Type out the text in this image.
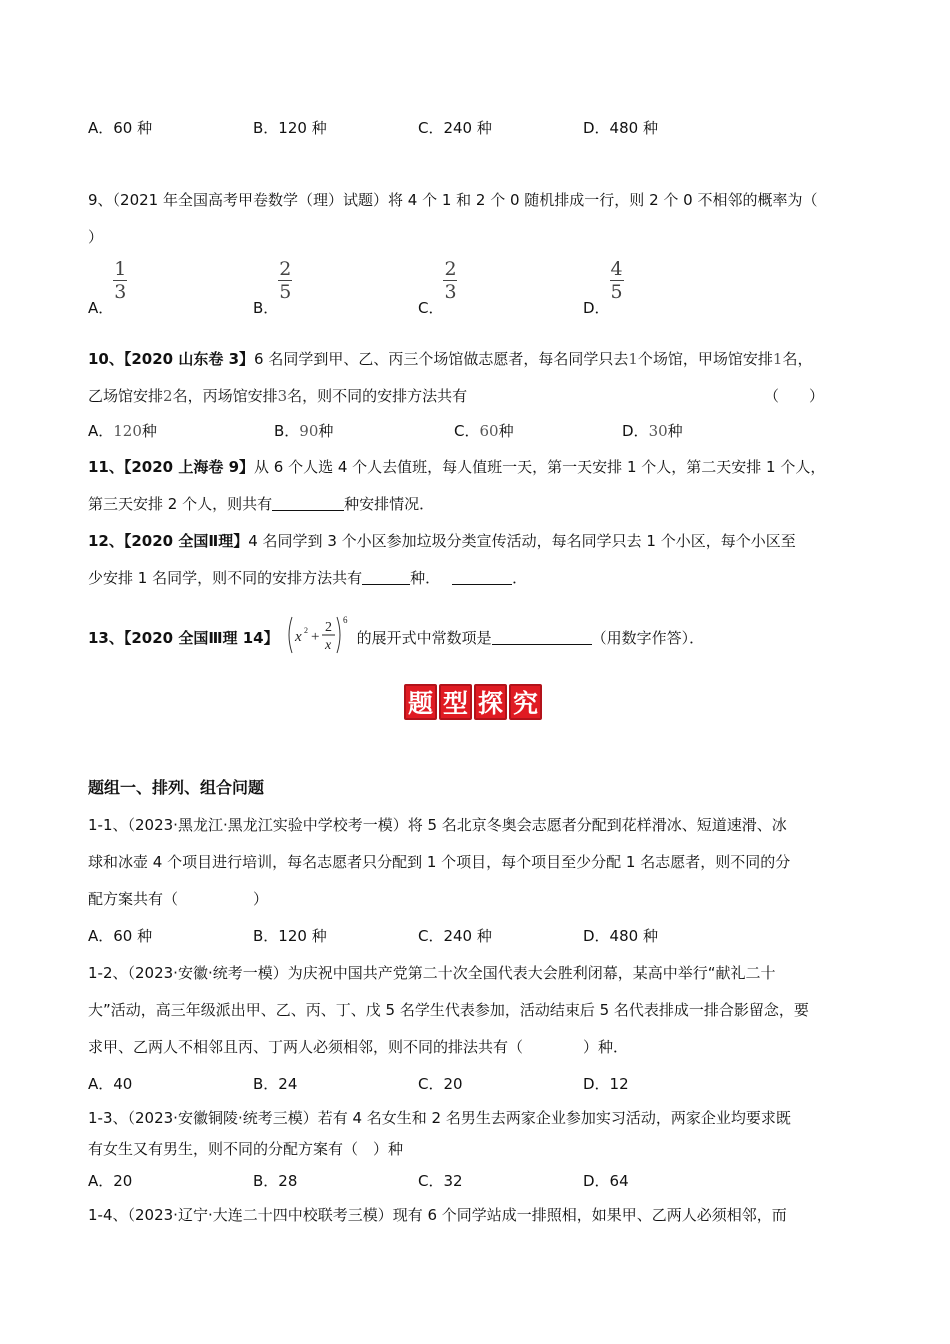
A．60 种	B．120 种	C．240 种	D．480 种
9、（2021 年全国高考甲卷数学（理）试题）将 4 个 1 和 2 个 0 随机排成一行，则 2 个 0 不相邻的概率为（
）
A．
$\frac{1}{3}$
B．
$\frac{2}{5}$
C．
$\frac{2}{3}$
D．
$\frac{4}{5}$
10、【2020 山东卷 3】6 名同学到甲、乙、丙三个场馆做志愿者，每名同学只去1个场馆，甲场馆安排1名，
乙场馆安排2名，丙场馆安排3名，则不同的安排方法共有	（　　）
A．120种	B．90种	C．60种	D．30种
11、【2020 上海卷 9】从 6 个人选 4 个人去值班，每人值班一天，第一天安排 1 个人，第二天安排 1 个人，
第三天安排 2 个人，则共有	种安排情况．
12、【2020 全国Ⅱ理】4 名同学到 3 个小区参加垃圾分类宣传活动，每名同学只去 1 个小区，每个小区至
少安排 1 名同学，则不同的安排方法共有	种．	．
13、【2020 全国Ⅲ理 14】 x 2 +
2
x
6
的展开式中常数项是	（用数字作答）．
题 型 探 究
题组一、排列、组合问题
1-1、（2023·黑龙江·黑龙江实验中学校考一模）将 5 名北京冬奥会志愿者分配到花样滑冰、短道速滑、冰
球和冰壶 4 个项目进行培训，每名志愿者只分配到 1 个项目，每个项目至少分配 1 名志愿者，则不同的分
配方案共有（　　　　　）
A．60 种	B．120 种	C．240 种	D．480 种
1-2、（2023·安徽·统考一模）为庆祝中国共产党第二十次全国代表大会胜利闭幕，某高中举行“献礼二十
大”活动，高三年级派出甲、乙、丙、丁、戊 5 名学生代表参加，活动结束后 5 名代表排成一排合影留念，要
求甲、乙两人不相邻且丙、丁两人必须相邻，则不同的排法共有（　　　　）种．
A．40	B．24	C．20	D．12
1-3、（2023·安徽铜陵·统考三模）若有 4 名女生和 2 名男生去两家企业参加实习活动，两家企业均要求既
有女生又有男生，则不同的分配方案有（　）种
A．20	B．28	C．32	D．64
1-4、（2023·辽宁·大连二十四中校联考三模）现有 6 个同学站成一排照相，如果甲、乙两人必须相邻，而
